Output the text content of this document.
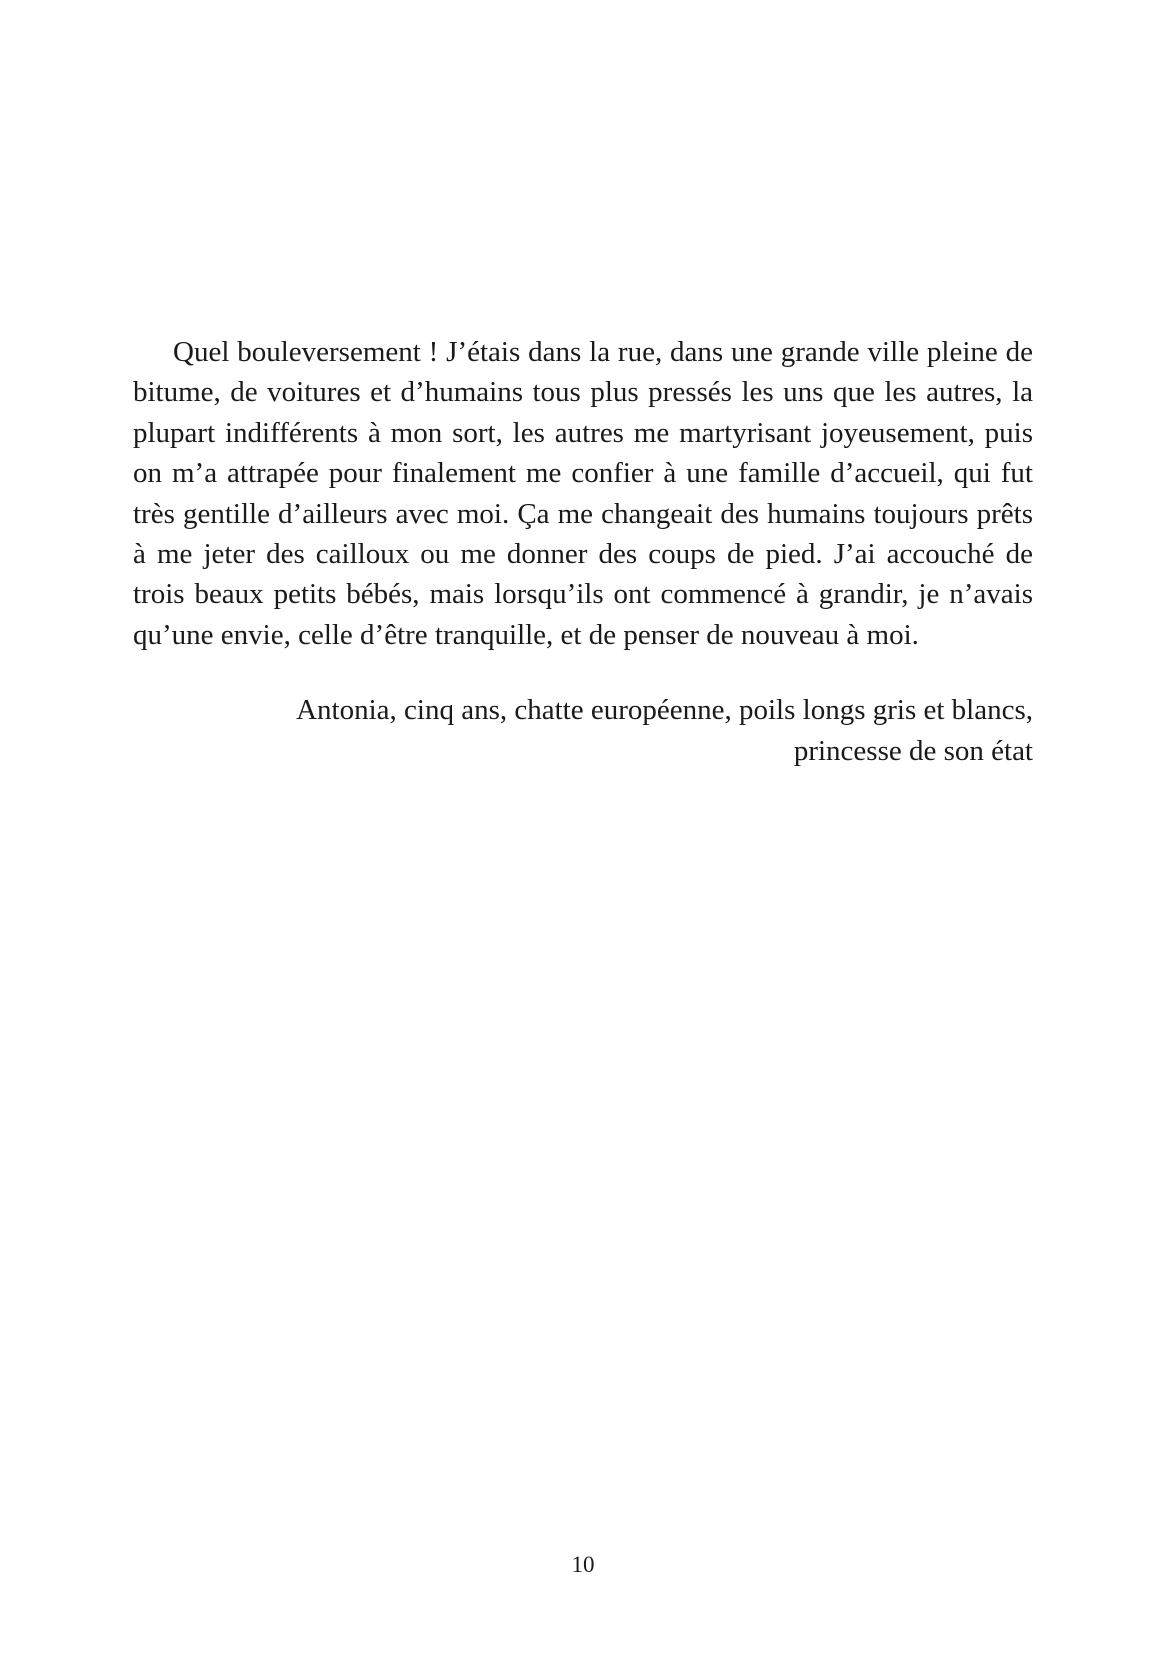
Quel bouleversement ! J’étais dans la rue, dans une grande ville pleine de bitume, de voitures et d’humains tous plus pressés les uns que les autres, la plupart indifférents à mon sort, les autres me martyrisant joyeusement, puis on m’a attrapée pour finalement me confier à une famille d’accueil, qui fut très gentille d’ailleurs avec moi. Ça me changeait des humains toujours prêts à me jeter des cailloux ou me donner des coups de pied. J’ai accouché de trois beaux petits bébés, mais lorsqu’ils ont commencé à grandir, je n’avais qu’une envie, celle d’être tranquille, et de penser de nouveau à moi.

Antonia, cinq ans, chatte européenne, poils longs gris et blancs,
princesse de son état
10
